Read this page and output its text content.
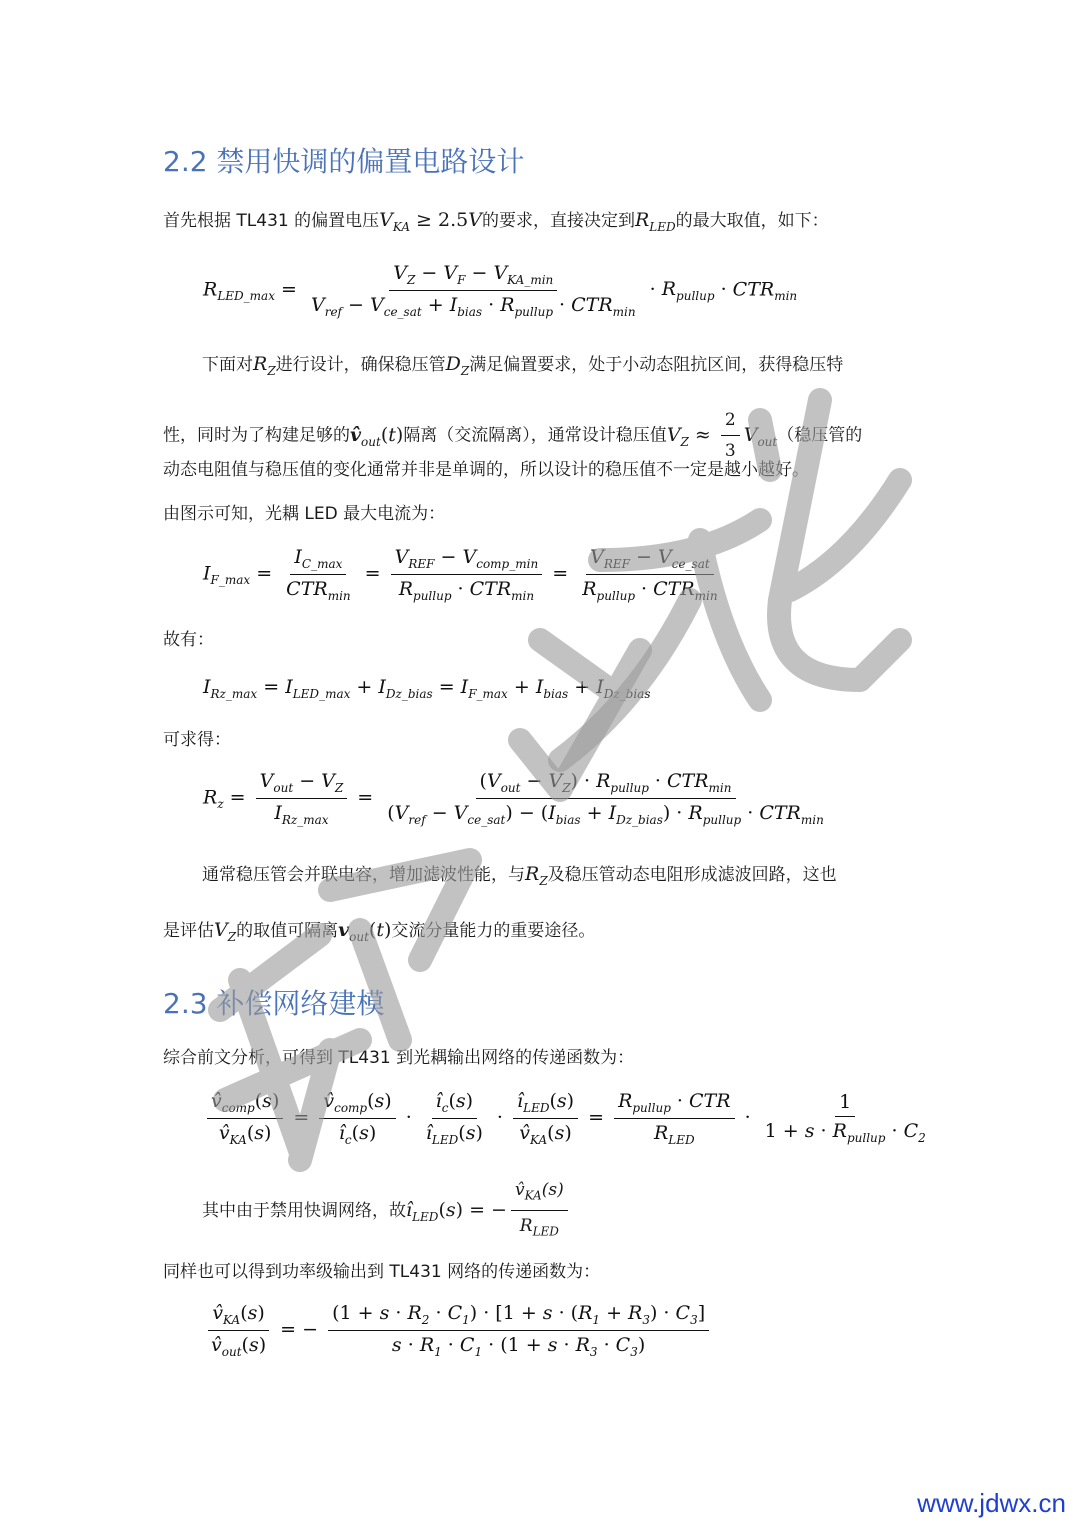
2.2 禁用快调的偏置电路设计
首先根据 TL431 的偏置电压$V_{KA} \ge 2.5V$的要求，直接决定到$R_{LED}$的最大取值，如下：
$R_{LED\_max} = \frac{V_Z - V_F - V_{KA\_min}}{V_{ref} - V_{ce\_sat} + I_{bias} \cdot R_{pullup} \cdot CTR_{min}} \cdot R_{pullup} \cdot CTR_{min}$
下面对$R_Z$进行设计，确保稳压管$D_Z$满足偏置要求，处于小动态阻抗区间，获得稳压特
性，同时为了构建足够的$v̂_{out}(t)$隔离（交流隔离），通常设计稳压值$V_Z \approx \frac{2}{3} V_{out}$（稳压管的
动态电阻值与稳压值的变化通常并非是单调的，所以设计的稳压值不一定是越小越好。
由图示可知，光耦 LED 最大电流为：
$I_{F\_max} = \frac{I_{C\_max}}{CTR_{min}} = \frac{V_{REF} - V_{comp\_min}}{R_{pullup} \cdot CTR_{min}} = \frac{V_{REF} - V_{ce\_sat}}{R_{pullup} \cdot CTR_{min}}$
故有：
$I_{Rz\_max} = I_{LED\_max} + I_{Dz\_bias} = I_{F\_max} + I_{bias} + I_{Dz\_bias}$
可求得：
$R_z = \frac{V_{out} - V_Z}{I_{Rz\_max}} = \frac{(V_{out} - V_Z) \cdot R_{pullup} \cdot CTR_{min}}{(V_{ref} - V_{ce\_sat}) - (I_{bias} + I_{Dz\_bias}) \cdot R_{pullup} \cdot CTR_{min}}$
通常稳压管会并联电容，增加滤波性能，与$R_Z$及稳压管动态电阻形成滤波回路，这也
是评估$V_Z$的取值可隔离$v_{out}(t)$交流分量能力的重要途径。
2.3 补偿网络建模
综合前文分析，可得到 TL431 到光耦输出网络的传递函数为：
$\frac{v̂_{comp}(s)}{v̂_{KA}(s)} = \frac{v̂_{comp}(s)}{î_c(s)} \cdot \frac{î_c(s)}{î_{LED}(s)} \cdot \frac{î_{LED}(s)}{v̂_{KA}(s)} = \frac{R_{pullup} \cdot CTR}{R_{LED}} \cdot \frac{1}{1 + s \cdot R_{pullup} \cdot C_2}$
其中由于禁用快调网络，故$î_{LED}(s)$ = − $\frac{v̂_{KA}(s)}{R_{LED}}$
同样也可以得到功率级输出到 TL431 网络的传递函数为：
$\frac{v̂_{KA}(s)}{v̂_{out}(s)}$ = − $\frac{(1 + s \cdot R_2 \cdot C_1) \cdot [1 + s \cdot (R_1 + R_3) \cdot C_3]}{s \cdot R_1 \cdot C_1 \cdot (1 + s \cdot R_3 \cdot C_3)}$
www.jdwx.cn
